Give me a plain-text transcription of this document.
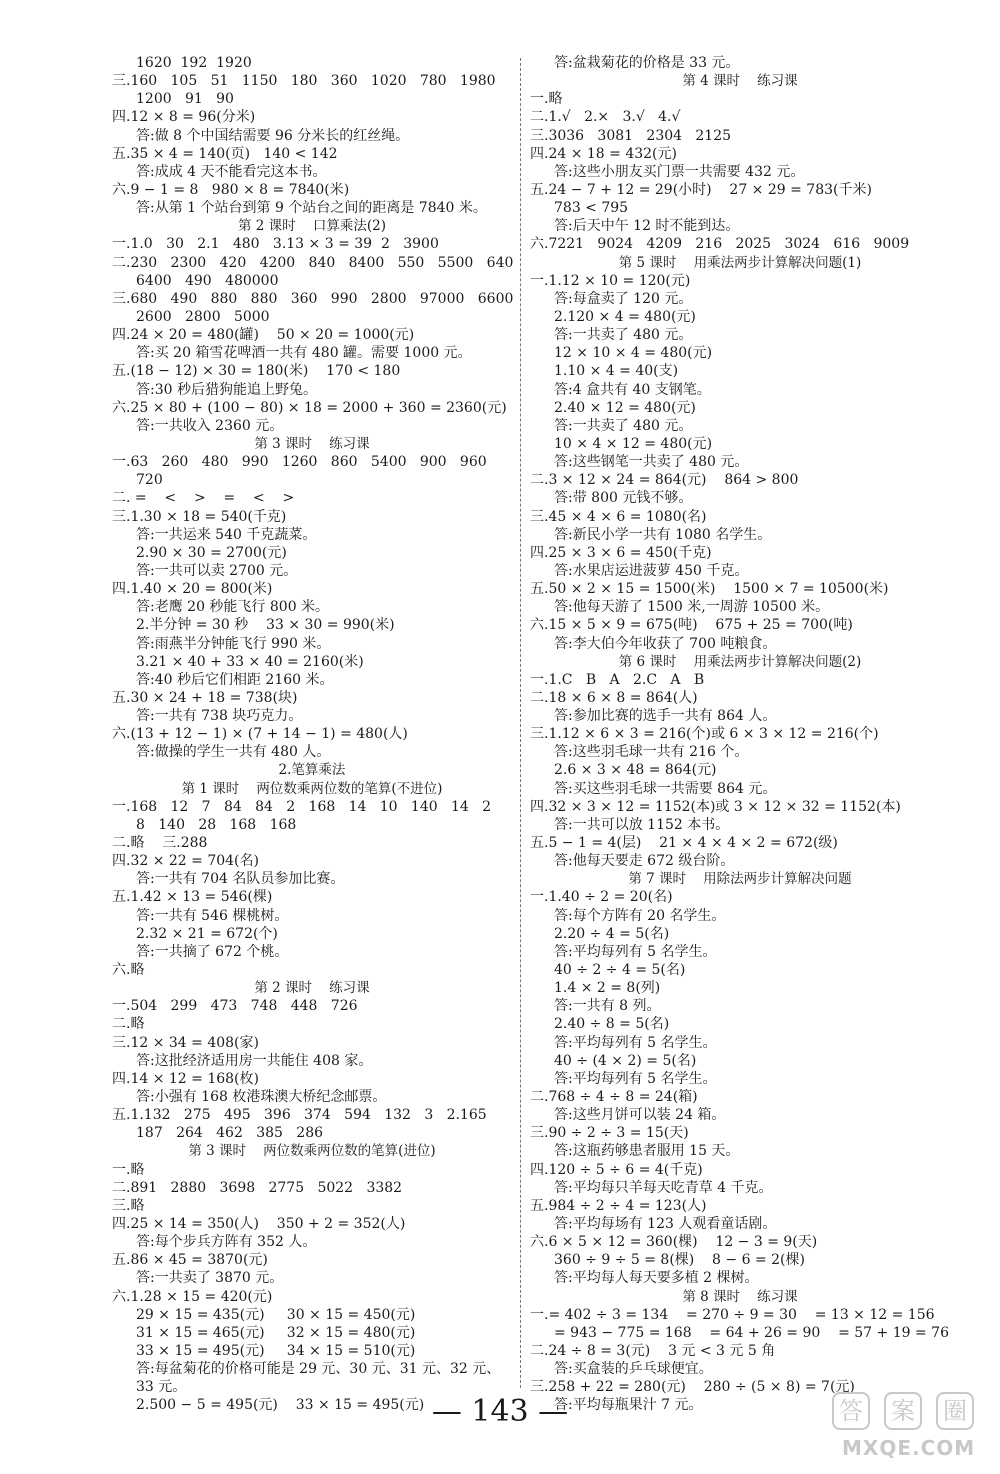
1620  192  1920
三.160   105   51   1150   180   360   1020   780   1980
1200   91   90
四.12 × 8 = 96(分米)
答:做 8 个中国结需要 96 分米长的红丝绳。
五.35 × 4 = 140(页)   140 < 142
答:成成 4 天不能看完这本书。
六.9 − 1 = 8   980 × 8 = 7840(米)
答:从第 1 个站台到第 9 个站台之间的距离是 7840 米。
第 2 课时    口算乘法(2)
一.1.0   30   2.1   480   3.13 × 3 = 39  2   3900
二.230   2300   420   4200   840   8400   550   5500   640
6400   490   480000
三.680   490   880   880   360   990   2800   97000   6600
2600   2800   5000
四.24 × 20 = 480(罐)    50 × 20 = 1000(元)
答:买 20 箱雪花啤酒一共有 480 罐。需要 1000 元。
五.(18 − 12) × 30 = 180(米)    170 < 180
答:30 秒后猎狗能追上野兔。
六.25 × 80 + (100 − 80) × 18 = 2000 + 360 = 2360(元)
答:一共收入 2360 元。
第 3 课时    练习课
一.63   260   480   990   1260   860   5400   900   960
720
二. =    <    >    =    <    >
三.1.30 × 18 = 540(千克)
答:一共运来 540 千克蔬菜。
2.90 × 30 = 2700(元)
答:一共可以卖 2700 元。
四.1.40 × 20 = 800(米)
答:老鹰 20 秒能飞行 800 米。
2.半分钟 = 30 秒    33 × 30 = 990(米)
答:雨燕半分钟能飞行 990 米。
3.21 × 40 + 33 × 40 = 2160(米)
答:40 秒后它们相距 2160 米。
五.30 × 24 + 18 = 738(块)
答:一共有 738 块巧克力。
六.(13 + 12 − 1) × (7 + 14 − 1) = 480(人)
答:做操的学生一共有 480 人。
2.笔算乘法
第 1 课时    两位数乘两位数的笔算(不进位)
一.168   12   7   84   84   2   168   14   10   140   14   2
8   140   28   168   168
二.略    三.288
四.32 × 22 = 704(名)
答:一共有 704 名队员参加比赛。
五.1.42 × 13 = 546(棵)
答:一共有 546 棵桃树。
2.32 × 21 = 672(个)
答:一共摘了 672 个桃。
六.略
第 2 课时    练习课
一.504   299   473   748   448   726
二.略
三.12 × 34 = 408(家)
答:这批经济适用房一共能住 408 家。
四.14 × 12 = 168(枚)
答:小强有 168 枚港珠澳大桥纪念邮票。
五.1.132   275   495   396   374   594   132   3   2.165
187   264   462   385   286
第 3 课时    两位数乘两位数的笔算(进位)
一.略
二.891   2880   3698   2775   5022   3382
三.略
四.25 × 14 = 350(人)    350 + 2 = 352(人)
答:每个步兵方阵有 352 人。
五.86 × 45 = 3870(元)
答:一共卖了 3870 元。
六.1.28 × 15 = 420(元)
29 × 15 = 435(元)     30 × 15 = 450(元)
31 × 15 = 465(元)     32 × 15 = 480(元)
33 × 15 = 495(元)     34 × 15 = 510(元)
答:每盆菊花的价格可能是 29 元、30 元、31 元、32 元、
33 元。
2.500 − 5 = 495(元)    33 × 15 = 495(元)
答:盆栽菊花的价格是 33 元。
第 4 课时    练习课
一.略
二.1.√   2.×   3.√   4.√
三.3036   3081   2304   2125
四.24 × 18 = 432(元)
答:这些小朋友买门票一共需要 432 元。
五.24 − 7 + 12 = 29(小时)    27 × 29 = 783(千米)
783 < 795
答:后天中午 12 时不能到达。
六.7221   9024   4209   216   2025   3024   616   9009
第 5 课时    用乘法两步计算解决问题(1)
一.1.12 × 10 = 120(元)
答:每盒卖了 120 元。
2.120 × 4 = 480(元)
答:一共卖了 480 元。
12 × 10 × 4 = 480(元)
1.10 × 4 = 40(支)
答:4 盒共有 40 支钢笔。
2.40 × 12 = 480(元)
答:一共卖了 480 元。
10 × 4 × 12 = 480(元)
答:这些钢笔一共卖了 480 元。
二.3 × 12 × 24 = 864(元)    864 > 800
答:带 800 元钱不够。
三.45 × 4 × 6 = 1080(名)
答:新民小学一共有 1080 名学生。
四.25 × 3 × 6 = 450(千克)
答:水果店运进菠萝 450 千克。
五.50 × 2 × 15 = 1500(米)    1500 × 7 = 10500(米)
答:他每天游了 1500 米,一周游 10500 米。
六.15 × 5 × 9 = 675(吨)    675 + 25 = 700(吨)
答:李大伯今年收获了 700 吨粮食。
第 6 课时    用乘法两步计算解决问题(2)
一.1.C   B   A   2.C   A   B
二.18 × 6 × 8 = 864(人)
答:参加比赛的选手一共有 864 人。
三.1.12 × 6 × 3 = 216(个)或 6 × 3 × 12 = 216(个)
答:这些羽毛球一共有 216 个。
2.6 × 3 × 48 = 864(元)
答:买这些羽毛球一共需要 864 元。
四.32 × 3 × 12 = 1152(本)或 3 × 12 × 32 = 1152(本)
答:一共可以放 1152 本书。
五.5 − 1 = 4(层)    21 × 4 × 4 × 2 = 672(级)
答:他每天要走 672 级台阶。
第 7 课时    用除法两步计算解决问题
一.1.40 ÷ 2 = 20(名)
答:每个方阵有 20 名学生。
2.20 ÷ 4 = 5(名)
答:平均每列有 5 名学生。
40 ÷ 2 ÷ 4 = 5(名)
1.4 × 2 = 8(列)
答:一共有 8 列。
2.40 ÷ 8 = 5(名)
答:平均每列有 5 名学生。
40 ÷ (4 × 2) = 5(名)
答:平均每列有 5 名学生。
二.768 ÷ 4 ÷ 8 = 24(箱)
答:这些月饼可以装 24 箱。
三.90 ÷ 2 ÷ 3 = 15(天)
答:这瓶药够患者服用 15 天。
四.120 ÷ 5 ÷ 6 = 4(千克)
答:平均每只羊每天吃青草 4 千克。
五.984 ÷ 2 ÷ 4 = 123(人)
答:平均每场有 123 人观看童话剧。
六.6 × 5 × 12 = 360(棵)    12 − 3 = 9(天)
360 ÷ 9 ÷ 5 = 8(棵)    8 − 6 = 2(棵)
答:平均每人每天要多植 2 棵树。
第 8 课时    练习课
一.= 402 ÷ 3 = 134    = 270 ÷ 9 = 30    = 13 × 12 = 156
= 943 − 775 = 168    = 64 + 26 = 90    = 57 + 19 = 76
二.24 ÷ 8 = 3(元)    3 元 < 3 元 5 角
答:买盒装的乒乓球便宜。
三.258 + 22 = 280(元)    280 ÷ (5 × 8) = 7(元)
答:平均每瓶果汁 7 元。
— 143 —	答 案 圈
MXQE.COM
